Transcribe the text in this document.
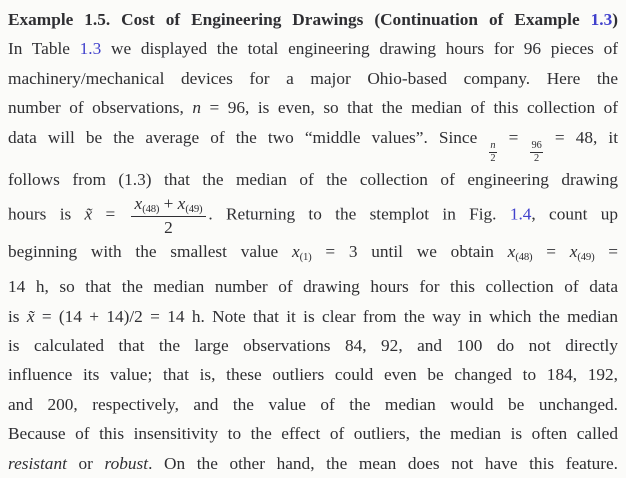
Example 1.5. Cost of Engineering Drawings (Continuation of Example 1.3)
In Table 1.3 we displayed the total engineering drawing hours for 96 pieces of
machinery/mechanical devices for a major Ohio-based company. Here the
number of observations, n = 96, is even, so that the median of this collection of
data will be the average of the two “middle values”. Since
$\frac{n}{2}$
=
$\frac{96}{2}$
= 48, it
follows from (1.3) that the median of the collection of engineering drawing
hours is x̃ = $\frac{x_{(48)} + x_{(49)}}{2}$ . Returning to the stemplot in Fig. 1.4, count up
beginning with the smallest value $x_{(1)} = 3$ until we obtain $x_{(48)} = x_{(49)}$ =
14 h, so that the median number of drawing hours for this collection of data
is x̃ = (14 + 14)/2 = 14 h. Note that it is clear from the way in which the median
is calculated that the large observations 84, 92, and 100 do not directly
influence its value; that is, these outliers could even be changed to 184, 192,
and 200, respectively, and the value of the median would be unchanged.
Because of this insensitivity to the effect of outliers, the median is often called
resistant or robust. On the other hand, the mean does not have this feature.
